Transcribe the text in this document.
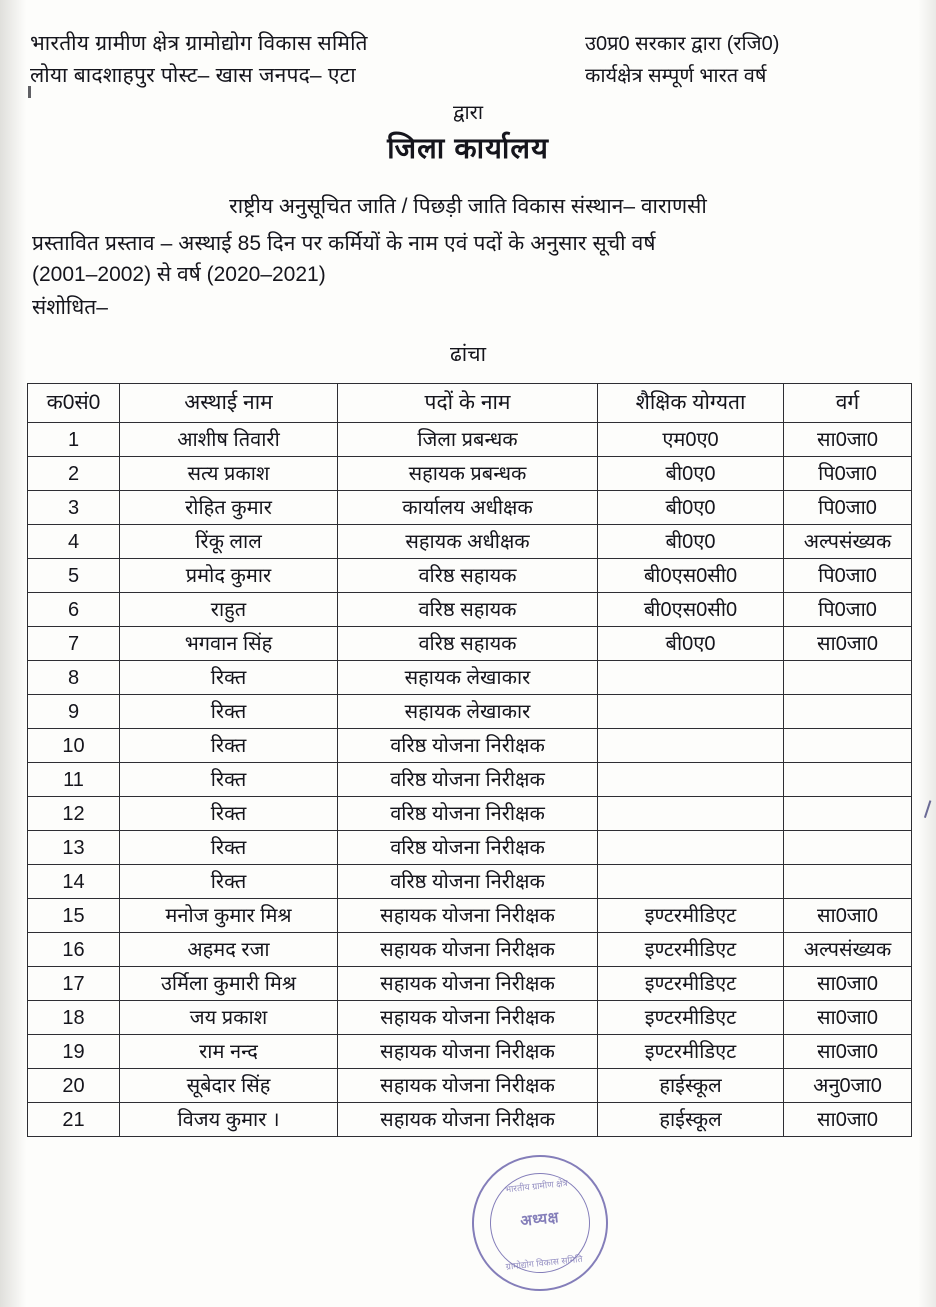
भारतीय ग्रामीण क्षेत्र ग्रामोद्योग विकास समिति
लोया बादशाहपुर पोस्ट– खास जनपद– एटा
उ0प्र0 सरकार द्वारा (रजि0)
कार्यक्षेत्र सम्पूर्ण भारत वर्ष
द्वारा
जिला कार्यालय
राष्ट्रीय अनुसूचित जाति / पिछड़ी जाति विकास संस्थान– वाराणसी
प्रस्तावित प्रस्ताव – अस्थाई 85 दिन पर कर्मियों के नाम एवं पदों के अनुसार सूची वर्ष
(2001–2002) से वर्ष (2020–2021)
संशोधित–
ढांचा
क0सं0	अस्थाई नाम	पदों के नाम	शैक्षिक योग्यता	वर्ग
1	आशीष तिवारी	जिला प्रबन्धक	एम0ए0	सा0जा0
2	सत्य प्रकाश	सहायक प्रबन्धक	बी0ए0	पि0जा0
3	रोहित कुमार	कार्यालय अधीक्षक	बी0ए0	पि0जा0
4	रिंकू लाल	सहायक अधीक्षक	बी0ए0	अल्पसंख्यक
5	प्रमोद कुमार	वरिष्ठ सहायक	बी0एस0सी0	पि0जा0
6	राहुत	वरिष्ठ सहायक	बी0एस0सी0	पि0जा0
7	भगवान सिंह	वरिष्ठ सहायक	बी0ए0	सा0जा0
8	रिक्त	सहायक लेखाकार		
9	रिक्त	सहायक लेखाकार		
10	रिक्त	वरिष्ठ योजना निरीक्षक		
11	रिक्त	वरिष्ठ योजना निरीक्षक		
12	रिक्त	वरिष्ठ योजना निरीक्षक		
13	रिक्त	वरिष्ठ योजना निरीक्षक		
14	रिक्त	वरिष्ठ योजना निरीक्षक		
15	मनोज कुमार मिश्र	सहायक योजना निरीक्षक	इण्टरमीडिएट	सा0जा0
16	अहमद रजा	सहायक योजना निरीक्षक	इण्टरमीडिएट	अल्पसंख्यक
17	उर्मिला कुमारी मिश्र	सहायक योजना निरीक्षक	इण्टरमीडिएट	सा0जा0
18	जय प्रकाश	सहायक योजना निरीक्षक	इण्टरमीडिएट	सा0जा0
19	राम नन्द	सहायक योजना निरीक्षक	इण्टरमीडिएट	सा0जा0
20	सूबेदार सिंह	सहायक योजना निरीक्षक	हाईस्कूल	अनु0जा0
21	विजय कुमार ।	सहायक योजना निरीक्षक	हाईस्कूल	सा0जा0
भारतीय ग्रामीण क्षेत्र
अध्यक्ष
ग्रामोद्योग विकास समिति
